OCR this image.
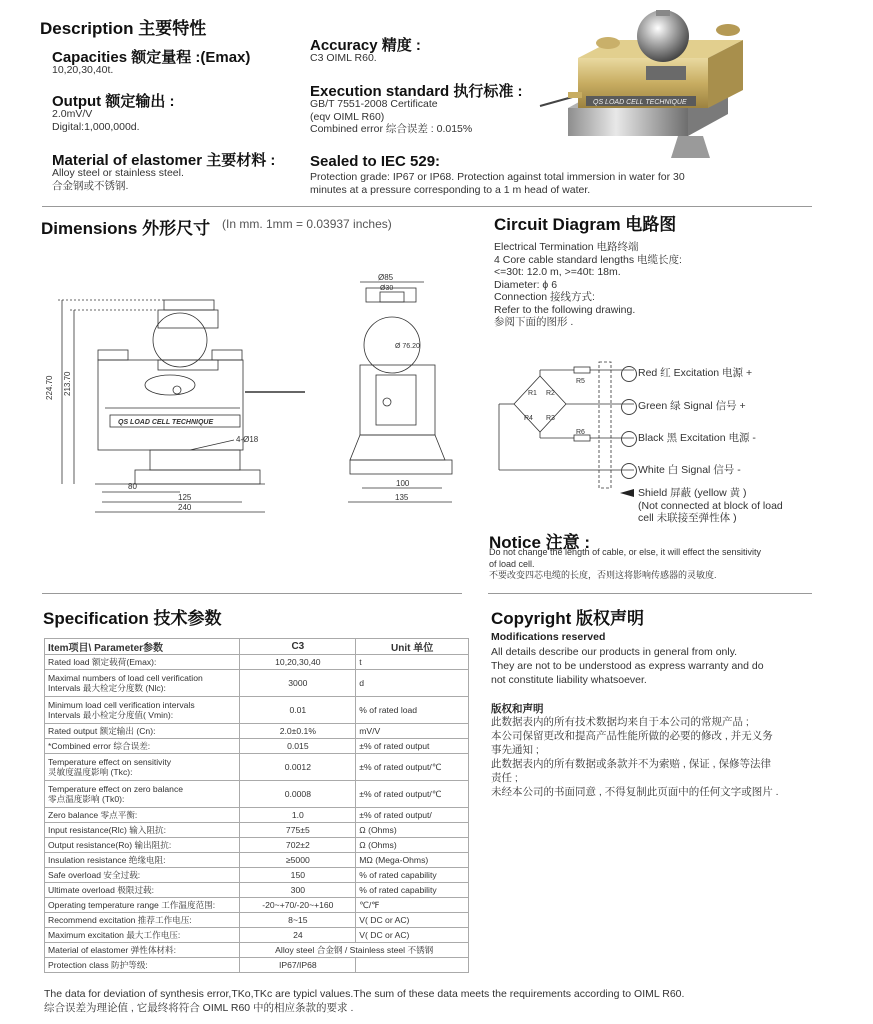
Description 主要特性
Capacities 额定量程 :(Emax)
10,20,30,40t.
Output 额定输出 :
2.0mV/V
Digital:1,000,000d.
Material of elastomer 主要材料 :
Alloy steel or stainless steel.
合金钢或不锈钢.
Accuracy 精度 :
C3 OIML R60.
Execution standard 执行标准 :
GB/T 7551-2008 Certificate
(eqv OIML R60)
Combined error 综合误差 : 0.015%
Sealed to IEC 529:
Protection grade: IP67 or IP68. Protection against total immersion in water for 30
minutes at a pressure corresponding to a 1 m head of water.
QS LOAD CELL TECHNIQUE
Dimensions 外形尺寸 (In mm. 1mm = 0.03937 inches)
QS LOAD CELL TECHNIQUE
224.70 213.70
80
125
240
4-Ø18
Ø85
Ø30
Ø 76.20
100
135
Circuit Diagram 电路图
Electrical Termination 电路终端
4 Core cable standard lengths 电缆长度:
<=30t: 12.0 m, >=40t: 18m.
Diameter: ϕ 6
Connection 接线方式:
Refer to the following drawing.
参阅下面的图形 .
R1 R2
R3
R4
R5
R6
Red 红 Excitation 电源 +
Green 绿 Signal 信号 +
Black 黑 Excitation 电源 -
White 白 Signal 信号 -
Shield 屏蔽 (yellow 黄 )
(Not connected at block of load
cell 未联接至弹性体 )
Notice 注意 :
Do not change the length of cable, or else, it will effect the sensitivity
of load cell.
不要改变四芯电缆的长度，否则这将影响传感器的灵敏度.
Specification 技术参数
Item项目\ Parameter参数	C3	Unit 单位
Rated load 额定载荷(Emax):	10,20,30,40	t
Maximal numbers of load cell verification
Intervals 最大检定分度数 (Nlc):	3000	d
Minimum load cell verification intervals
Intervals 最小检定分度值( Vmin):	0.01	% of rated load
Rated output 额定输出 (Cn):	2.0±0.1%	mV/V
*Combined error 综合误差:	0.015	±% of rated output
Temperature effect on sensitivity
灵敏度温度影响 (Tkc):	0.0012	±% of rated output/℃
Temperature effect on zero balance
零点温度影响 (Tk0):	0.0008	±% of rated output/℃
Zero balance 零点平衡:	1.0	±% of rated output/
Input resistance(Rlc) 输入阻抗:	775±5	Ω (Ohms)
Output resistance(Ro) 输出阻抗:	702±2	Ω (Ohms)
Insulation resistance 绝缘电阻:	≥5000	MΩ (Mega-Ohms)
Safe overload 安全过载:	150	% of rated capability
Ultimate overload 极限过载:	300	% of rated capability
Operating temperature range 工作温度范围:	-20~+70/-20~+160	℃/℉
Recommend excitation 推荐工作电压:	8~15	V( DC or AC)
Maximum excitation 最大工作电压:	24	V( DC or AC)
Material of elastomer 弹性体材料:	Alloy steel 合金钢 / Stainless steel 不锈钢	
Protection class 防护等级:	IP67/IP68	
Copyright 版权声明
Modifications reserved
All details describe our products in general from only.
They are not to be understood as express warranty and do
not constitute liability whatsoever.
版权和声明
此数据表内的所有技术数据均来自于本公司的常规产品 ;
本公司保留更改和提高产品性能所做的必要的修改 , 并无义务
事先通知 ;
此数据表内的所有数据或条款并不为索赔 , 保证 , 保修等法律
责任 ;
未经本公司的书面同意 , 不得复制此页面中的任何文字或图片 .
The data for deviation of synthesis error,TKo,TKc are typicl values.The sum of these data meets the requirements according to OIML R60.
综合误差为理论值 , 它最终将符合 OIML R60 中的相应条款的要求 .
